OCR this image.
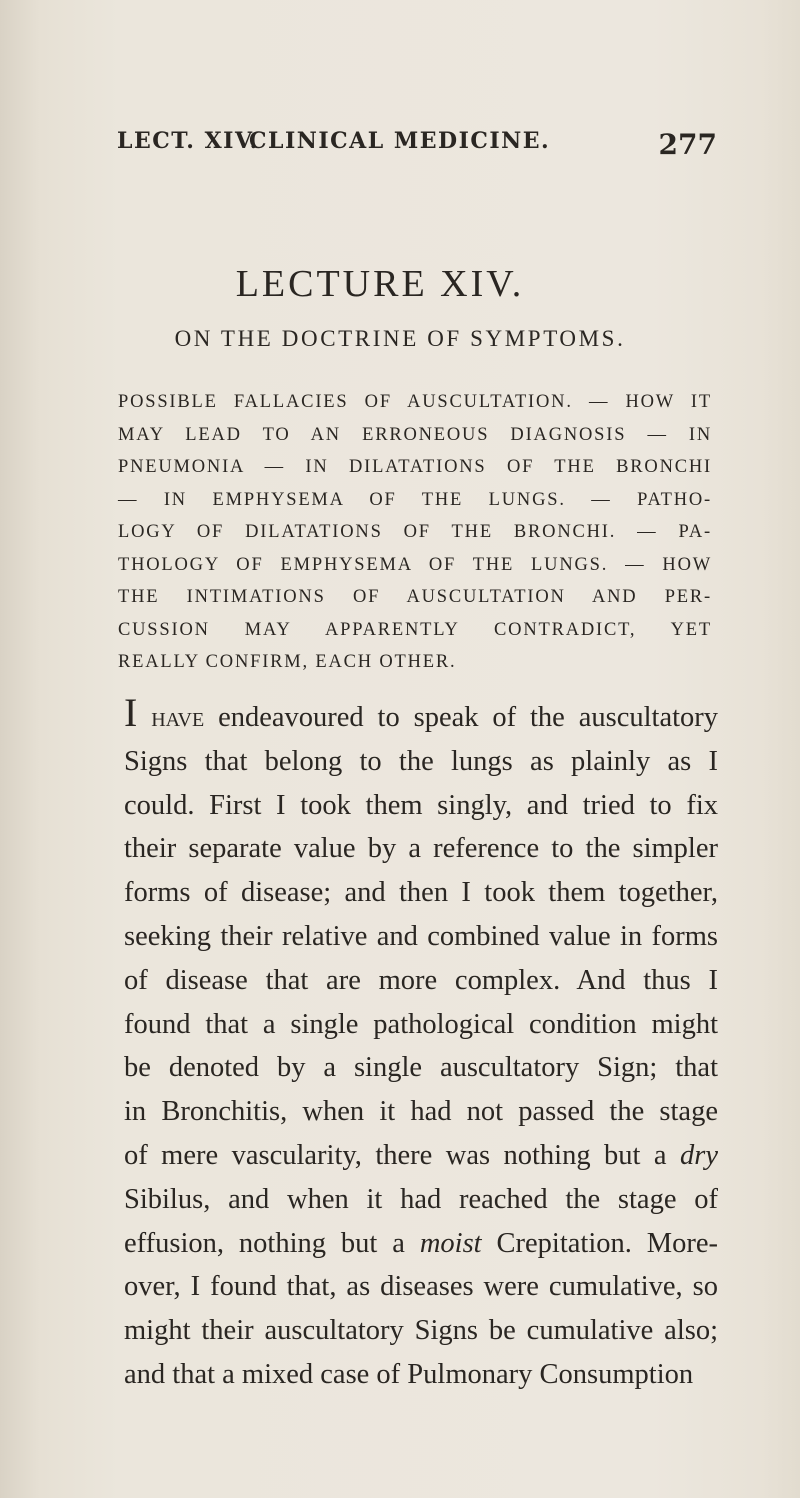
LECT. XIV.
CLINICAL MEDICINE.	277
LECTURE XIV.
ON THE DOCTRINE OF SYMPTOMS.
POSSIBLE FALLACIES OF AUSCULTATION. — HOW IT
MAY LEAD TO AN ERRONEOUS DIAGNOSIS — IN
PNEUMONIA — IN DILATATIONS OF THE BRONCHI
— IN EMPHYSEMA OF THE LUNGS. — PATHO-
LOGY OF DILATATIONS OF THE BRONCHI. — PA-
THOLOGY OF EMPHYSEMA OF THE LUNGS. — HOW
THE INTIMATIONS OF AUSCULTATION AND PER-
CUSSION MAY APPARENTLY CONTRADICT, YET
REALLY CONFIRM, EACH OTHER.
I have endeavoured to speak of the auscultatory
Signs that belong to the lungs as plainly as I
could. First I took them singly, and tried to fix
their separate value by a reference to the simpler
forms of disease; and then I took them together,
seeking their relative and combined value in forms
of disease that are more complex. And thus I
found that a single pathological condition might
be denoted by a single auscultatory Sign; that
in Bronchitis, when it had not passed the stage
of mere vascularity, there was nothing but a dry
Sibilus, and when it had reached the stage of
effusion, nothing but a moist Crepitation. More-
over, I found that, as diseases were cumulative, so
might their auscultatory Signs be cumulative also;
and that a mixed case of Pulmonary Consumption
